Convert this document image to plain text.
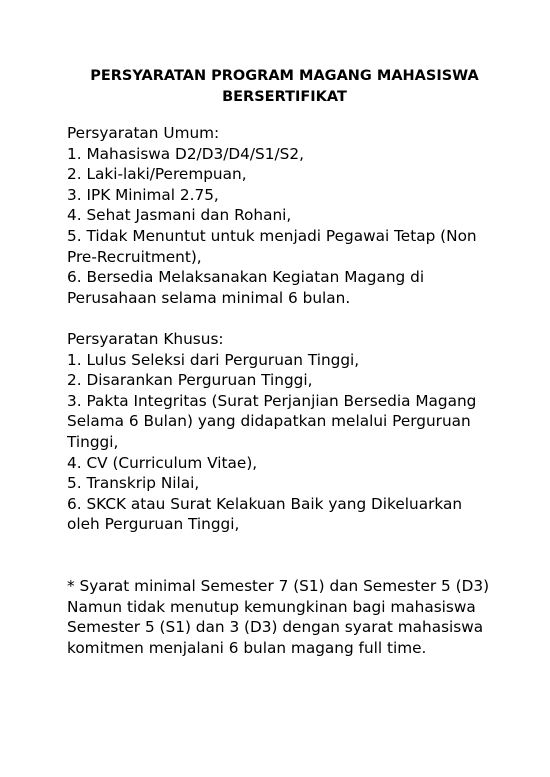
PERSYARATAN PROGRAM MAGANG MAHASISWA
BERSERTIFIKAT

Persyaratan Umum:

1. Mahasiswa D2/D3/D4/S1/S2,

2. Laki-laki/Perempuan,

3. IPK Minimal 2.75,

4. Sehat Jasmani dan Rohani,

5. Tidak Menuntut untuk menjadi Pegawai Tetap (Non Pre-Recruitment),

6. Bersedia Melaksanakan Kegiatan Magang di Perusahaan selama minimal 6 bulan.

Persyaratan Khusus:

1. Lulus Seleksi dari Perguruan Tinggi,

2. Disarankan Perguruan Tinggi,

3. Pakta Integritas (Surat Perjanjian Bersedia Magang Selama 6 Bulan) yang didapatkan melalui Perguruan Tinggi,

4. CV (Curriculum Vitae),

5. Transkrip Nilai,

6. SKCK atau Surat Kelakuan Baik yang Dikeluarkan oleh Perguruan Tinggi,

* Syarat minimal Semester 7 (S1) dan Semester 5 (D3) Namun tidak menutup kemungkinan bagi mahasiswa Semester 5 (S1) dan 3 (D3) dengan syarat mahasiswa komitmen menjalani 6 bulan magang full time.
